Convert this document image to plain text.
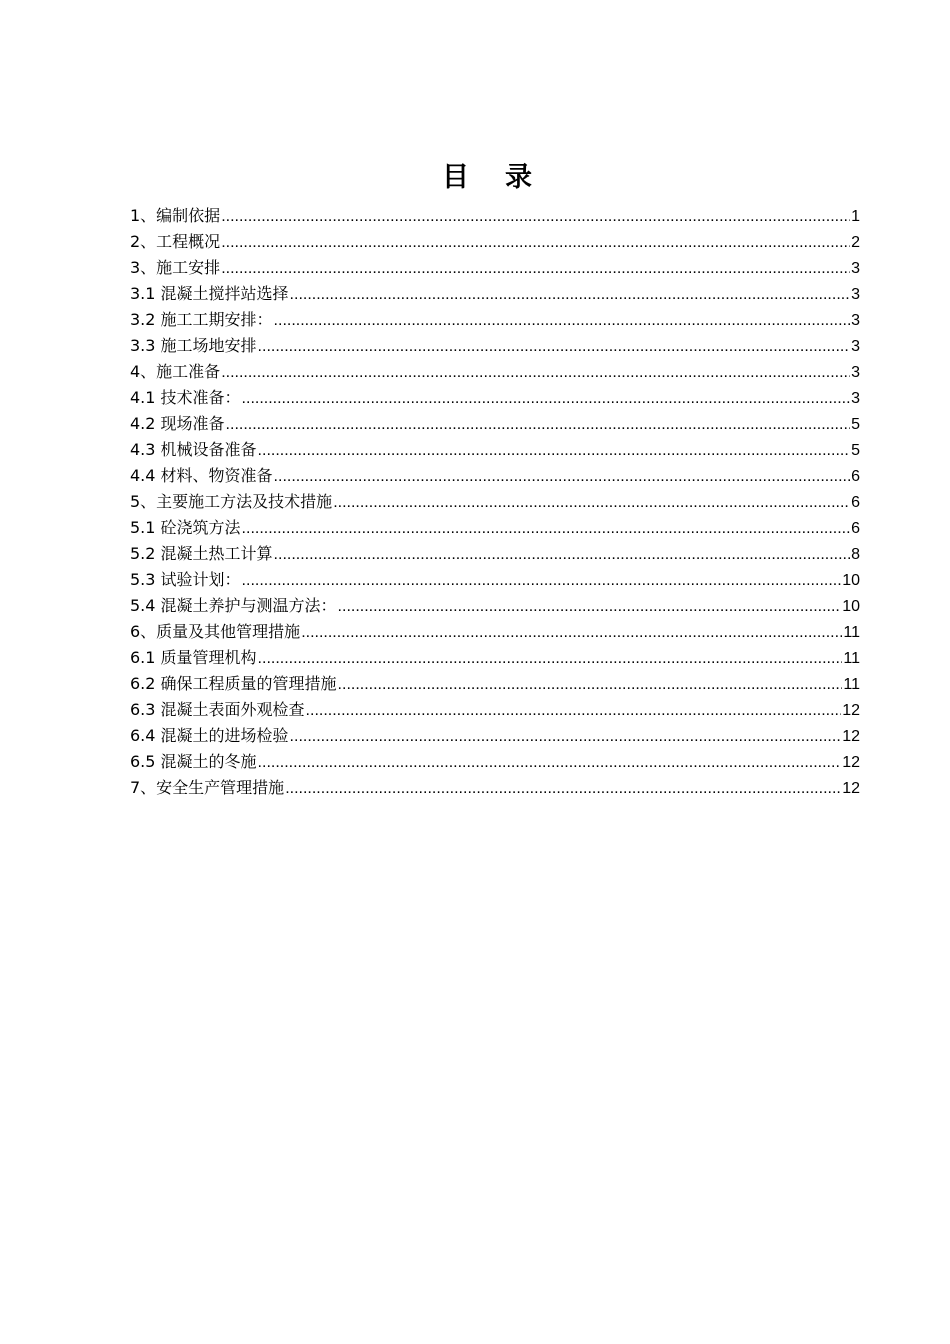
目录
1、编制依据 .....	1
2、工程概况 .....	2
3、施工安排 .....	3
3.1 混凝土搅拌站选择 .....	3
3.2 施工工期安排： .....	3
3.3 施工场地安排 .....	3
4、施工准备 .....	3
4.1 技术准备： .....	3
4.2 现场准备 .....	5
4.3 机械设备准备 .....	5
4.4 材料、物资准备 .....	6
5、主要施工方法及技术措施 .....	6
5.1 砼浇筑方法 .....	6
5.2 混凝土热工计算 .....	8
5.3 试验计划： .....	10
5.4 混凝土养护与测温方法： .....	10
6、质量及其他管理措施 .....	11
6.1 质量管理机构 .....	11
6.2 确保工程质量的管理措施 .....	11
6.3 混凝土表面外观检查 .....	12
6.4 混凝土的进场检验 .....	12
6.5 混凝土的冬施 .....	12
7、安全生产管理措施 .....	12
